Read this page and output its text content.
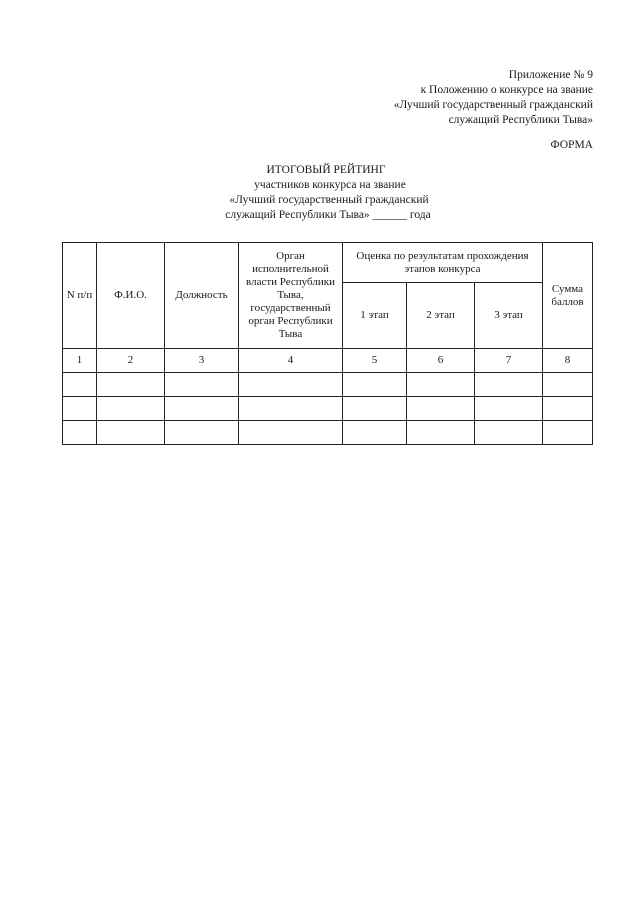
Приложение № 9
к Положению о конкурсе на звание
«Лучший государственный гражданский
служащий Республики Тыва»
ФОРМА
ИТОГОВЫЙ РЕЙТИНГ
участников конкурса на звание
«Лучший государственный гражданский
служащий Республики Тыва» ______ года
N п/п	Ф.И.О.	Должность	Орган исполнительной власти Республики Тыва, государственный орган Республики Тыва	Оценка по результатам прохождения этапов конкурса			Сумма баллов
				1 этап	2 этап	3 этап	
1	2	3	4	5	6	7	8
